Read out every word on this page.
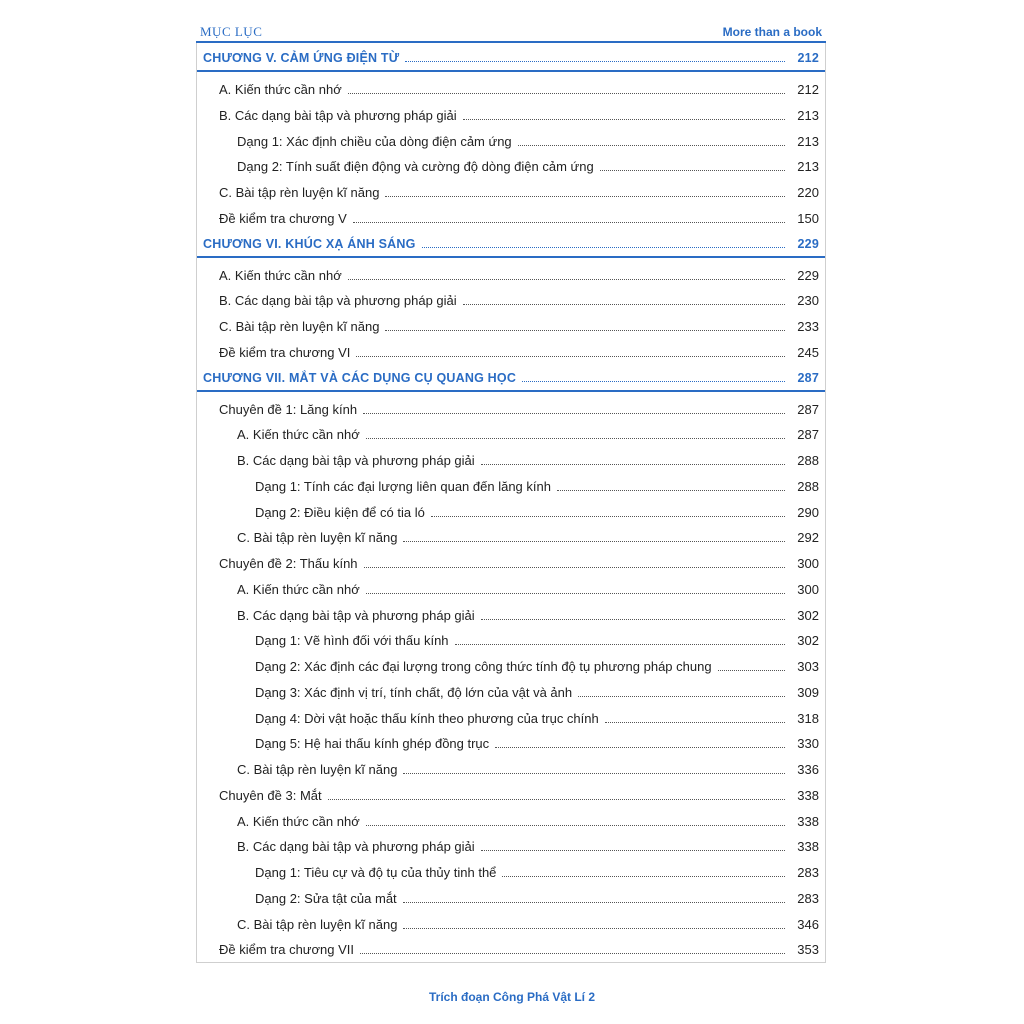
MỤC LỤC	More than a book
CHƯƠNG V. CẢM ỨNG ĐIỆN TỪ	212
A. Kiến thức cần nhớ	212
B. Các dạng bài tập và phương pháp giải	213
Dạng 1: Xác định chiều của dòng điện cảm ứng	213
Dạng 2: Tính suất điện động và cường độ dòng điện cảm ứng	213
C. Bài tập rèn luyện kĩ năng	220
Đề kiểm tra chương V	150
CHƯƠNG VI. KHÚC XẠ ÁNH SÁNG	229
A. Kiến thức cần nhớ	229
B. Các dạng bài tập và phương pháp giải	230
C. Bài tập rèn luyện kĩ năng	233
Đề kiểm tra chương VI	245
CHƯƠNG VII. MẮT VÀ CÁC DỤNG CỤ QUANG HỌC	287
Chuyên đề 1: Lăng kính	287
A. Kiến thức cần nhớ	287
B. Các dạng bài tập và phương pháp giải	288
Dạng 1: Tính các đại lượng liên quan đến lăng kính	288
Dạng 2: Điều kiện để có tia ló	290
C. Bài tập rèn luyện kĩ năng	292
Chuyên đề 2: Thấu kính	300
A. Kiến thức cần nhớ	300
B. Các dạng bài tập và phương pháp giải	302
Dạng 1: Vẽ hình đối với thấu kính	302
Dạng 2: Xác định các đại lượng trong công thức tính độ tụ phương pháp chung	303
Dạng 3: Xác định vị trí, tính chất, độ lớn của vật và ảnh	309
Dạng 4: Dời vật hoặc thấu kính theo phương của trục chính	318
Dạng 5: Hệ hai thấu kính ghép đồng trục	330
C. Bài tập rèn luyện kĩ năng	336
Chuyên đề 3: Mắt	338
A. Kiến thức cần nhớ	338
B. Các dạng bài tập và phương pháp giải	338
Dạng 1: Tiêu cự và độ tụ của thủy tinh thể	283
Dạng 2: Sửa tật của mắt	283
C. Bài tập rèn luyện kĩ năng	346
Đề kiểm tra chương VII	353
Trích đoạn Công Phá Vật Lí 2
